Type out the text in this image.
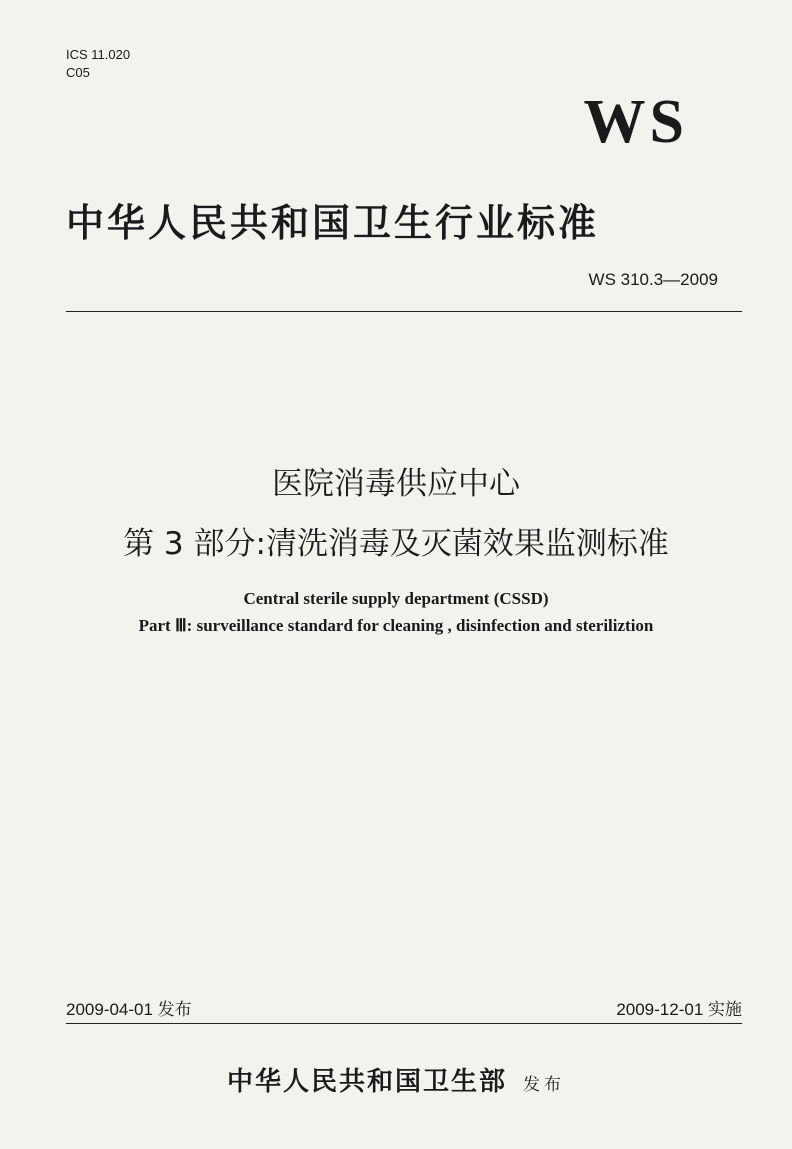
ICS 11.020
C05
WS
中华人民共和国卫生行业标准
WS 310.3—2009
医院消毒供应中心
第 3 部分:清洗消毒及灭菌效果监测标准
Central sterile supply department (CSSD)
Part Ⅲ: surveillance standard for cleaning , disinfection and steriliztion
2009-04-01 发布	2009-12-01 实施
中华人民共和国卫生部 发布
